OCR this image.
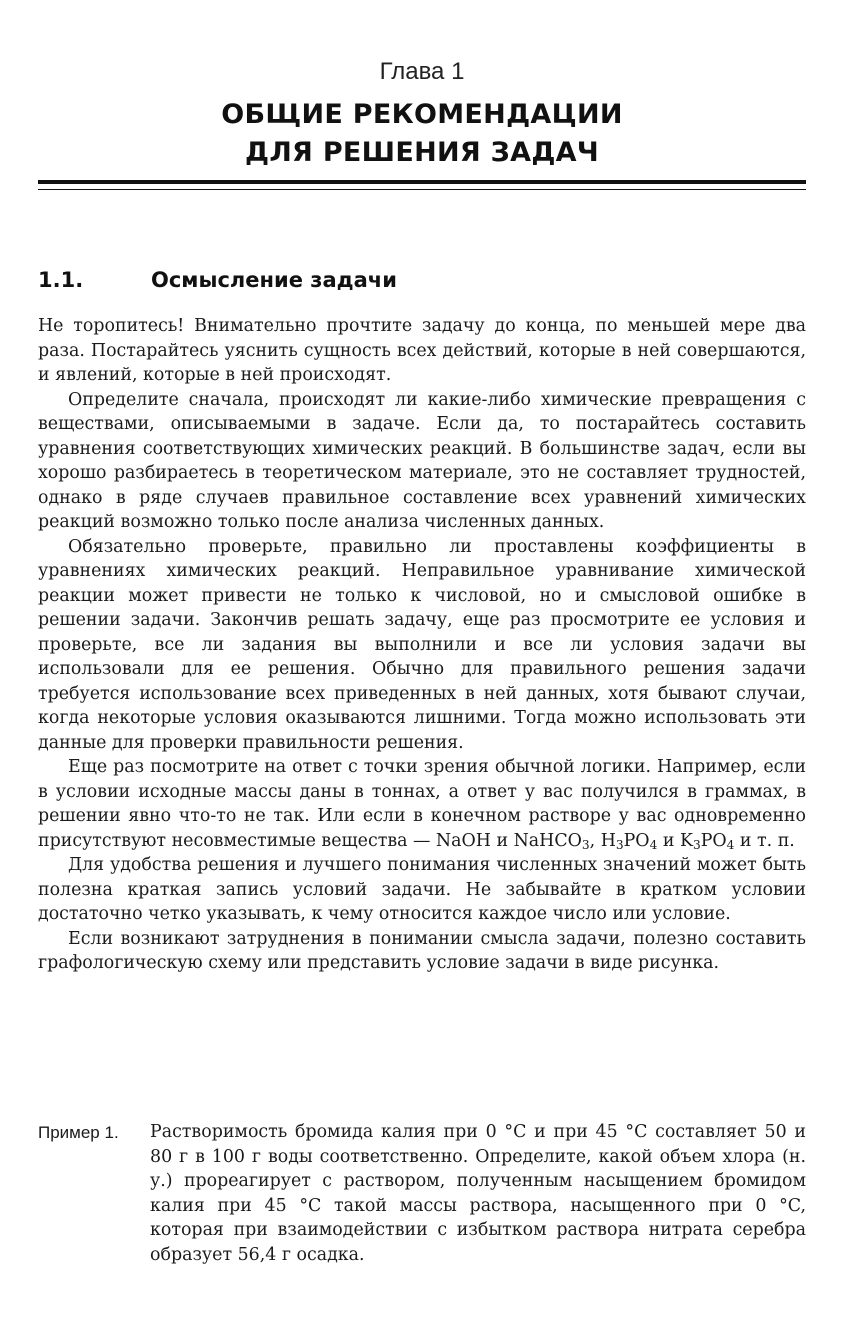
Глава 1
ОБЩИЕ РЕКОМЕНДАЦИИ
ДЛЯ РЕШЕНИЯ ЗАДАЧ
1.1.	Осмысление задачи

Не торопитесь! Внимательно прочтите задачу до конца, по меньшей мере два раза. Постарайтесь уяснить сущность всех действий, которые в ней совершаются, и явлений, которые в ней происходят.

Определите сначала, происходят ли какие-либо химические превращения с веществами, описываемыми в задаче. Если да, то постарайтесь составить уравнения соответствующих химических реакций. В большинстве задач, если вы хорошо разбираетесь в теоретическом материале, это не составляет трудностей, однако в ряде случаев правильное составление всех уравнений химических реакций возможно только после анализа численных данных.

Обязательно проверьте, правильно ли проставлены коэффициенты в уравнениях химических реакций. Неправильное уравнивание химической реакции может привести не только к числовой, но и смысловой ошибке в решении задачи. Закончив решать задачу, еще раз просмотрите ее условия и проверьте, все ли задания вы выполнили и все ли условия задачи вы использовали для ее решения. Обычно для правильного решения задачи требуется использование всех приведенных в ней данных, хотя бывают случаи, когда некоторые условия оказываются лишними. Тогда можно использовать эти данные для проверки правильности решения.

Еще раз посмотрите на ответ с точки зрения обычной логики. Например, если в условии исходные массы даны в тоннах, а ответ у вас получился в граммах, в решении явно что-то не так. Или если в конечном растворе у вас одновременно присутствуют несовместимые вещества — NaOH и NaHCO$_3$, $H_3PO_4$ и $K_3PO_4$ и т. п.

Для удобства решения и лучшего понимания численных значений может быть полезна краткая запись условий задачи. Не забывайте в кратком условии достаточно четко указывать, к чему относится каждое число или условие.

Если возникают затруднения в понимании смысла задачи, полезно составить графологическую схему или представить условие задачи в виде рисунка.

Пример 1.	Растворимость бромида калия при 0 °C и при 45 °C составляет 50 и 80 г в 100 г воды соответственно. Определите, какой объем хлора (н. у.) прореагирует с раствором, полученным насыщением бромидом калия при 45 °C такой массы раствора, насыщенного при 0 °C, которая при взаимодействии с избытком раствора нитрата серебра образует 56,4 г осадка.
